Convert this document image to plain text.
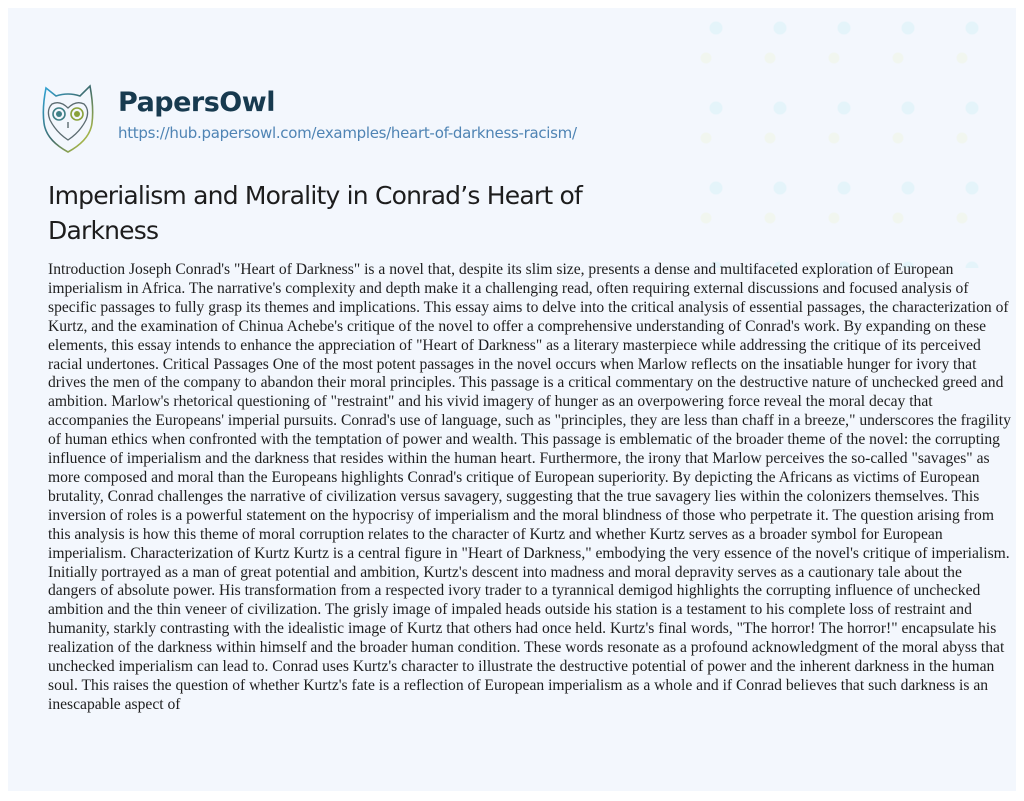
PapersOwl
https://hub.papersowl.com/examples/heart-of-darkness-racism/
Imperialism and Morality in Conrad’s Heart of Darkness

Introduction Joseph Conrad's "Heart of Darkness" is a novel that, despite its slim size, presents a dense and multifaceted exploration of European imperialism in Africa. The narrative's complexity and depth make it a challenging read, often requiring external discussions and focused analysis of specific passages to fully grasp its themes and implications. This essay aims to delve into the critical analysis of essential passages, the characterization of Kurtz, and the examination of Chinua Achebe's critique of the novel to offer a comprehensive understanding of Conrad's work. By expanding on these elements, this essay intends to enhance the appreciation of "Heart of Darkness" as a literary masterpiece while addressing the critique of its perceived racial undertones. Critical Passages One of the most potent passages in the novel occurs when Marlow reflects on the insatiable hunger for ivory that drives the men of the company to abandon their moral principles. This passage is a critical commentary on the destructive nature of unchecked greed and ambition. Marlow's rhetorical questioning of "restraint" and his vivid imagery of hunger as an overpowering force reveal the moral decay that accompanies the Europeans' imperial pursuits. Conrad's use of language, such as "principles, they are less than chaff in a breeze," underscores the fragility of human ethics when confronted with the temptation of power and wealth. This passage is emblematic of the broader theme of the novel: the corrupting influence of imperialism and the darkness that resides within the human heart. Furthermore, the irony that Marlow perceives the so-called "savages" as more composed and moral than the Europeans highlights Conrad's critique of European superiority. By depicting the Africans as victims of European brutality, Conrad challenges the narrative of civilization versus savagery, suggesting that the true savagery lies within the colonizers themselves. This inversion of roles is a powerful statement on the hypocrisy of imperialism and the moral blindness of those who perpetrate it. The question arising from this analysis is how this theme of moral corruption relates to the character of Kurtz and whether Kurtz serves as a broader symbol for European imperialism. Characterization of Kurtz Kurtz is a central figure in "Heart of Darkness," embodying the very essence of the novel's critique of imperialism. Initially portrayed as a man of great potential and ambition, Kurtz's descent into madness and moral depravity serves as a cautionary tale about the dangers of absolute power. His transformation from a respected ivory trader to a tyrannical demigod highlights the corrupting influence of unchecked ambition and the thin veneer of civilization. The grisly image of impaled heads outside his station is a testament to his complete loss of restraint and humanity, starkly contrasting with the idealistic image of Kurtz that others had once held. Kurtz's final words, "The horror! The horror!" encapsulate his realization of the darkness within himself and the broader human condition. These words resonate as a profound acknowledgment of the moral abyss that unchecked imperialism can lead to. Conrad uses Kurtz's character to illustrate the destructive potential of power and the inherent darkness in the human soul. This raises the question of whether Kurtz's fate is a reflection of European imperialism as a whole and if Conrad believes that such darkness is an inescapable aspect of
